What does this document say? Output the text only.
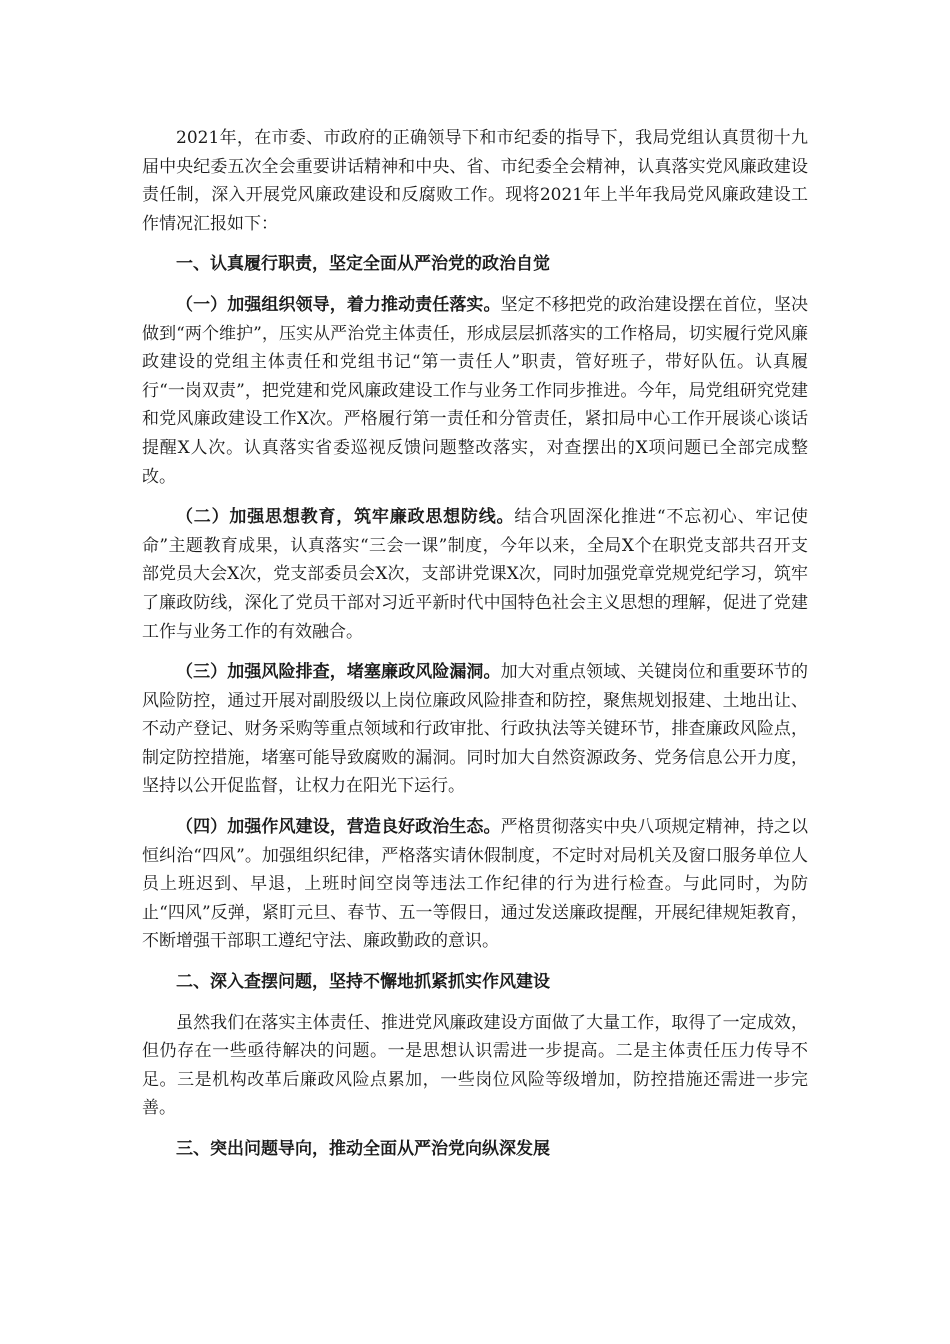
2021年，在市委、市政府的正确领导下和市纪委的指导下，我局党组认真贯彻十九届中央纪委五次全会重要讲话精神和中央、省、市纪委全会精神，认真落实党风廉政建设责任制，深入开展党风廉政建设和反腐败工作。现将2021年上半年我局党风廉政建设工作情况汇报如下：

一、认真履行职责，坚定全面从严治党的政治自觉

（一）加强组织领导，着力推动责任落实。坚定不移把党的政治建设摆在首位，坚决做到“两个维护”，压实从严治党主体责任，形成层层抓落实的工作格局，切实履行党风廉政建设的党组主体责任和党组书记“第一责任人”职责，管好班子，带好队伍。认真履行“一岗双责”，把党建和党风廉政建设工作与业务工作同步推进。今年，局党组研究党建和党风廉政建设工作X次。严格履行第一责任和分管责任，紧扣局中心工作开展谈心谈话提醒X人次。认真落实省委巡视反馈问题整改落实，对查摆出的X项问题已全部完成整改。

（二）加强思想教育，筑牢廉政思想防线。结合巩固深化推进“不忘初心、牢记使命”主题教育成果，认真落实“三会一课”制度，今年以来，全局X个在职党支部共召开支部党员大会X次，党支部委员会X次，支部讲党课X次，同时加强党章党规党纪学习，筑牢了廉政防线，深化了党员干部对习近平新时代中国特色社会主义思想的理解，促进了党建工作与业务工作的有效融合。

（三）加强风险排查，堵塞廉政风险漏洞。加大对重点领域、关键岗位和重要环节的风险防控，通过开展对副股级以上岗位廉政风险排查和防控，聚焦规划报建、土地出让、不动产登记、财务采购等重点领域和行政审批、行政执法等关键环节，排查廉政风险点，制定防控措施，堵塞可能导致腐败的漏洞。同时加大自然资源政务、党务信息公开力度，坚持以公开促监督，让权力在阳光下运行。

（四）加强作风建设，营造良好政治生态。严格贯彻落实中央八项规定精神，持之以恒纠治“四风”。加强组织纪律，严格落实请休假制度，不定时对局机关及窗口服务单位人员上班迟到、早退，上班时间空岗等违法工作纪律的行为进行检查。与此同时，为防止“四风”反弹，紧盯元旦、春节、五一等假日，通过发送廉政提醒，开展纪律规矩教育，不断增强干部职工遵纪守法、廉政勤政的意识。

二、深入查摆问题，坚持不懈地抓紧抓实作风建设

虽然我们在落实主体责任、推进党风廉政建设方面做了大量工作，取得了一定成效，但仍存在一些亟待解决的问题。一是思想认识需进一步提高。二是主体责任压力传导不足。三是机构改革后廉政风险点累加，一些岗位风险等级增加，防控措施还需进一步完善。

三、突出问题导向，推动全面从严治党向纵深发展
